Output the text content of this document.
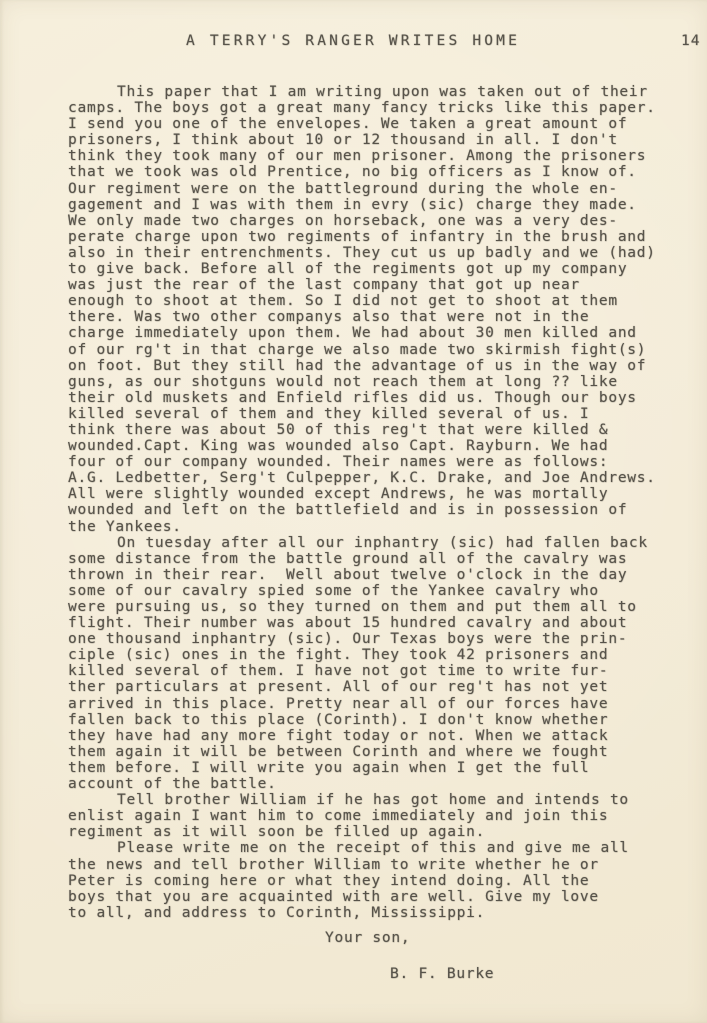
A TERRY'S RANGER WRITES HOME	14
This paper that I am writing upon was taken out of their
camps. The boys got a great many fancy tricks like this paper.
I send you one of the envelopes. We taken a great amount of
prisoners, I think about 10 or 12 thousand in all. I don't
think they took many of our men prisoner. Among the prisoners
that we took was old Prentice, no big officers as I know of.
Our regiment were on the battleground during the whole en-
gagement and I was with them in evry (sic) charge they made.
We only made two charges on horseback, one was a very des-
perate charge upon two regiments of infantry in the brush and
also in their entrenchments. They cut us up badly and we (had)
to give back. Before all of the regiments got up my company
was just the rear of the last company that got up near
enough to shoot at them. So I did not get to shoot at them
there. Was two other companys also that were not in the
charge immediately upon them. We had about 30 men killed and
of our rg't in that charge we also made two skirmish fight(s)
on foot. But they still had the advantage of us in the way of
guns, as our shotguns would not reach them at long ?? like
their old muskets and Enfield rifles did us. Though our boys
killed several of them and they killed several of us. I
think there was about 50 of this reg't that were killed &
wounded.Capt. King was wounded also Capt. Rayburn. We had
four of our company wounded. Their names were as follows:
A.G. Ledbetter, Serg't Culpepper, K.C. Drake, and Joe Andrews.
All were slightly wounded except Andrews, he was mortally
wounded and left on the battlefield and is in possession of
the Yankees.
On tuesday after all our inphantry (sic) had fallen back
some distance from the battle ground all of the cavalry was
thrown in their rear.  Well about twelve o'clock in the day
some of our cavalry spied some of the Yankee cavalry who
were pursuing us, so they turned on them and put them all to
flight. Their number was about 15 hundred cavalry and about
one thousand inphantry (sic). Our Texas boys were the prin-
ciple (sic) ones in the fight. They took 42 prisoners and
killed several of them. I have not got time to write fur-
ther particulars at present. All of our reg't has not yet
arrived in this place. Pretty near all of our forces have
fallen back to this place (Corinth). I don't know whether
they have had any more fight today or not. When we attack
them again it will be between Corinth and where we fought
them before. I will write you again when I get the full
account of the battle.
Tell brother William if he has got home and intends to
enlist again I want him to come immediately and join this
regiment as it will soon be filled up again.
Please write me on the receipt of this and give me all
the news and tell brother William to write whether he or
Peter is coming here or what they intend doing. All the
boys that you are acquainted with are well. Give my love
to all, and address to Corinth, Mississippi.
Your son,
B. F. Burke
